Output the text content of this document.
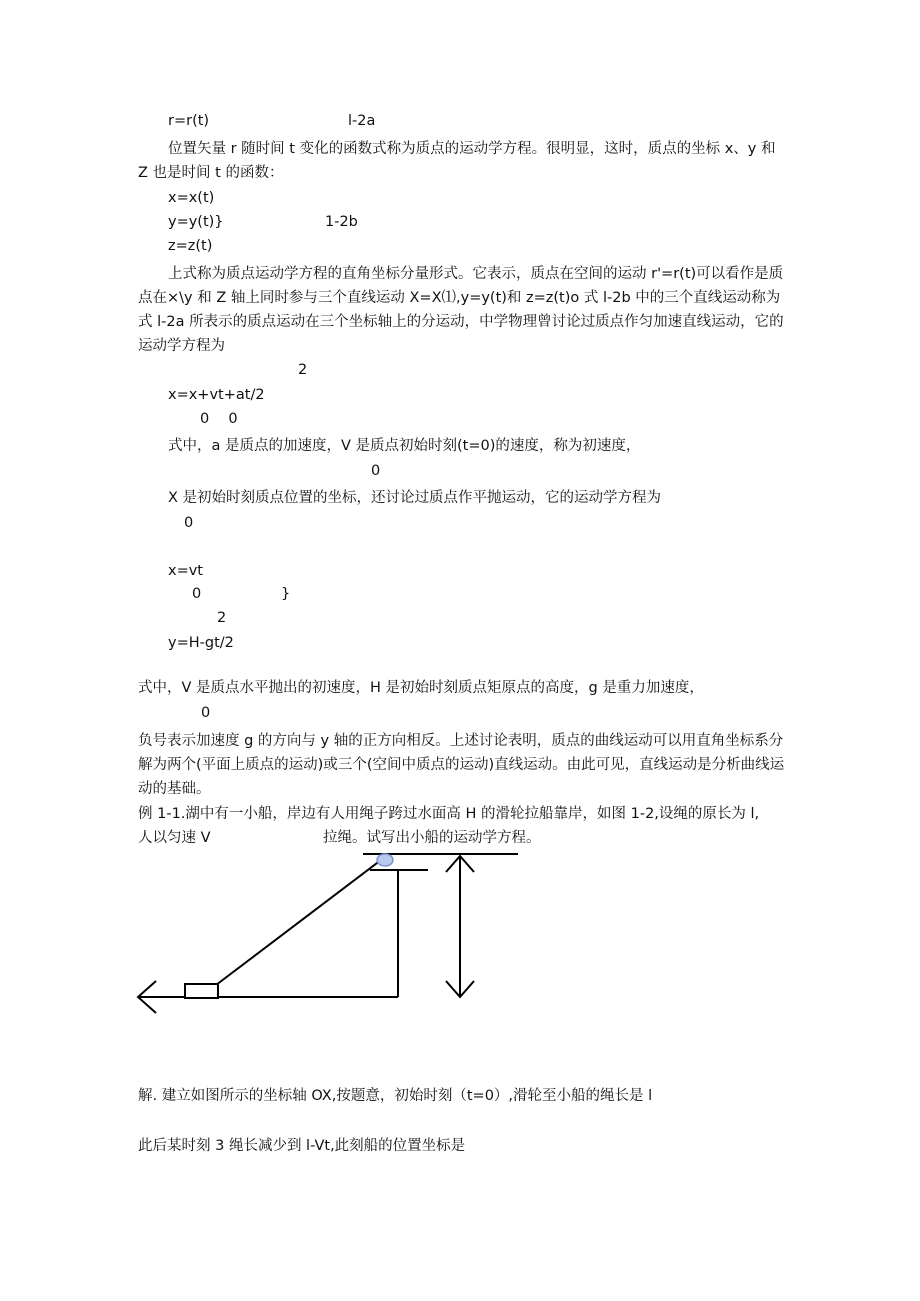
r=r(t)	l-2a
位置矢量 r 随时间 t 变化的函数式称为质点的运动学方程。很明显，这时，质点的坐标 x、y 和 Z 也是时间 t 的函数：
x=x(t)
y=y(t)}	1-2b
z=z(t)
上式称为质点运动学方程的直角坐标分量形式。它表示，质点在空间的运动 r'=r(t)可以看作是质点在×\y 和 Z 轴上同时参与三个直线运动 X=X⑴,y=y(t)和 z=z(t)o 式 l-2b 中的三个直线运动称为式 l-2a 所表示的质点运动在三个坐标轴上的分运动，中学物理曾讨论过质点作匀加速直线运动，它的运动学方程为
2
x=x+vt+at/2
0　 0
式中，a 是质点的加速度，V 是质点初始时刻(t=0)的速度，称为初速度，
0
X 是初始时刻质点位置的坐标，还讨论过质点作平抛运动，它的运动学方程为
0
x=vt
0	}
2
y=H-gt/2
式中，V 是质点水平抛出的初速度，H 是初始时刻质点矩原点的高度，g 是重力加速度，
0
负号表示加速度 g 的方向与 y 轴的正方向相反。上述讨论表明，质点的曲线运动可以用直角坐标系分解为两个(平面上质点的运动)或三个(空间中质点的运动)直线运动。由此可见，直线运动是分析曲线运动的基础。
例 1-1.湖中有一小船，岸边有人用绳子跨过水面高 H 的滑轮拉船靠岸，如图 1-2,设绳的原长为 l,
人以匀速 V	拉绳。试写出小船的运动学方程。
解. 建立如图所示的坐标轴 OX,按题意，初始时刻（t=0）,滑轮至小船的绳长是 l
此后某时刻 3 绳长减少到 l-Vt,此刻船的位置坐标是
